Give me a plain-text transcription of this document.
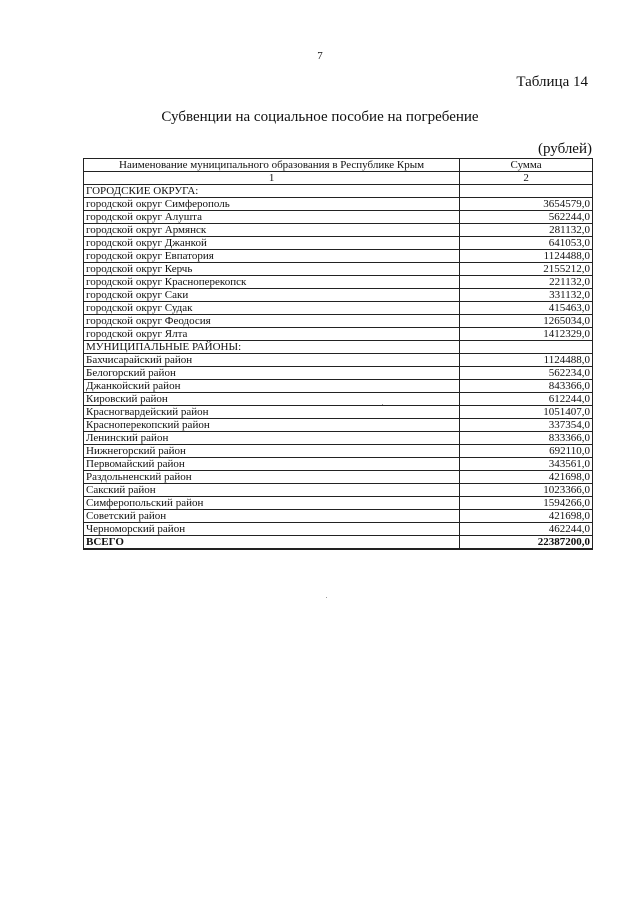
7
Таблица 14
Субвенции на социальное пособие на погребение
(рублей)
Наименование муниципального образования в Республике Крым	Сумма
1	2
ГОРОДСКИЕ ОКРУГА:	
городской округ Симферополь	3654579,0
городской округ Алушта	562244,0
городской округ Армянск	281132,0
городской округ Джанкой	641053,0
городской округ Евпатория	1124488,0
городской округ Керчь	2155212,0
городской округ Красноперекопск	221132,0
городской округ Саки	331132,0
городской округ Судак	415463,0
городской округ Феодосия	1265034,0
городской округ Ялта	1412329,0
МУНИЦИПАЛЬНЫЕ РАЙОНЫ:	
Бахчисарайский район	1124488,0
Белогорский район	562234,0
Джанкойский район	843366,0
Кировский район	612244,0
Красногвардейский район	1051407,0
Красноперекопский район	337354,0
Ленинский район	833366,0
Нижнегорский район	692110,0
Первомайский район	343561,0
Раздольненский район	421698,0
Сакский район	1023366,0
Симферопольский район	1594266,0
Советский район	421698,0
Черноморский район	462244,0
ВСЕГО	22387200,0
